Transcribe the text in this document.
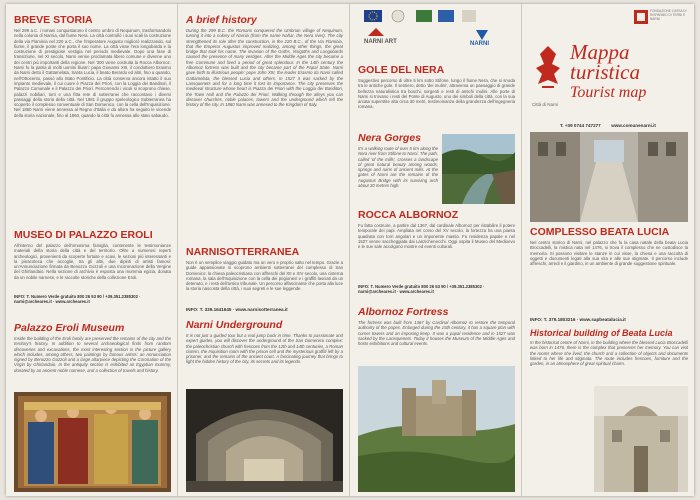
BREVE STORIA

Nel 299 a.C. i romani conquistarono il centro umbro di Nequinum, trasformandolo nella colonia di Narnia, dal fiume Nera. La città controllò i suoi scali la costruzione della via Flaminia nel 220 a.C., che l'imperatore Augusto migliorò realizzando, sul fiume, il grande ponte che porta il suo nome. La città visse l'era longobarda e la costruzione di prestigiose vestigia nel periodo medievale. Dopo una fase di transizione, nel XI secolo, Narni venne proclamata libero comune e divenne uno dei centri più importanti della regione. Nel '300 viene costruita la Rocca Albornoz. Narni fu la patria di molti uomini illustri: papa Giovanni XIII, il condottiero Erasmo da Narni detto il Gattamelata, Santa Lucia, il beato Berardo ed altri, fino a quando, nell'Ottocento, passò allo Stato Pontificio. La città conserva ancora intatto il suo impianto medievale, il cui cuore è Piazza dei Priori, con la Loggia dei Banditori, il Palazzo Comunale e il Palazzo dei Priori. Percorrendo i vicoli si scoprono chiese, palazzi nobiliari, torri e una fitta rete di sotterranei che raccontano i diversi passaggi della storia della città. Nel 1981 il gruppo speleologico Subterranea ha scoperto il complesso conventuale di San Domenico, con la cella dell'Inquisizione. Nel 1860 Narni viene annessa al Regno d'Italia e da allora ha seguito le vicende della storia nazionale, fino al 1860, quando la città fu annessa allo stato sabaudo.

MUSEO DI PALAZZO EROLI

All'interno del palazzo dell'omonima famiglia, contenente le testimonianze materiali della storia della città e del territorio. Oltre a numerosi reperti archeologici, provenienti da scoperte fortuite e scavi, le sezioni più interessanti e la pinacoteca che accoglie, tra gli altri, due dipinti di artisti famosi: un'Annunciazione firmata da Benozzo Gozzoli e una Incoronazione della Vergine del Ghirlandaio. Nella sezione di archivio è esposta una mummia egizia, donata da un nobile narnese, e le raccolte storiche della collezione Eroli.

INFO: T. Numero Verde gratuito 800 26 53 90 / +39.351.2385302 · narni@archeares.it · www.archeares.it

Palazzo Eroli Museum

Inside the building of the Eroli family are preserved the remains of the city and the territory's history. In addition to several archaeological finds from random discoveries and excavations, the most interesting section is the picture gallery which includes, among others, two paintings by famous artists: an Annunciation signed by Benozzo Gozzoli and a large altarpiece depicting the Coronation of the Virgin by Ghirlandaio. In the antiquity section is exhibited an Egyptian mummy, donated by an ancient noble narnese, and a collection of travels and history.

A brief history

During the 299 B.C. the Romans conquered the Umbrian village of Nequinum, turning it into a colony of Narnia (from the name Nahar, the Nera river). The city strengthened its role after the construction, in the 220 B.C., of the Via Flaminia, that the Emperor Augustus improved realizing, among other things, the great bridge that took his name. The invasion of the Goths, Visigoths and Longobards caused the presence of many vestiges. After the Middle Ages the city became a free Commune and lived a period of great splendour. In the 14th century the Albornoz fortress was built and the city became part of the Papal State. Narni gave birth to illustrious people: pope John XIII, the leader Erasmo da Narni called Gattamelata, the blessed Lucia and others. In 1527 it was sacked by the Lansquenets and for a long time it lost its importance. The city preserves the medieval structure whose heart is Piazza dei Priori with the Loggia dei Banditori, the Town Hall and the Palazzo dei Priori. Walking through the alleys you can discover churches, noble palaces, towers and the underground which tell the history of the city. In 1860 Narni was annexed to the Kingdom of Italy.

NARNISOTTERRANEA

Non è un semplice viaggio guidato ma un vero e proprio salto nel tempo. Grazie a guide appassionate si scoprono ambienti sotterranei del complesso di San Domenico: la chiesa paleocristiana con affreschi del XII e XIV secolo, una cisterna romana, la sala dell'Inquisizione con la cella dei prigionieri e i graffiti lasciati da un detenuto, e i resti dell'antico tribunale. Un percorso affascinante che porta alla luce la storia nascosta della città, i suoi segreti e le sue leggende.

INFO: T. 339.1641645 · www.narnisotterranea.it

Narni Underground

It is not just a guided tour but a real jump back in time. Thanks to passionate and expert guides, you will discover the underground of the San Domenico complex: the paleochristian church with frescoes from the 12th and 14th centuries, a Roman cistern, the Inquisition room with the prison cell and the mysterious graffiti left by a prisoner, and the remains of the ancient court. A fascinating journey that brings to light the hidden history of the city, its secrets and its legends.

NARNI ART	NARNI

GOLE DEL NERA

Suggestivo percorso di oltre 5 km sotto Stifone, lungo il fiume Nera, che si snoda tra le antiche gole. Il sentiero, detto 'dei mulini', attraversa un paesaggio di grande bellezza naturalistica tra boschi, sorgenti e resti di antichi mulini. Alle porte di Narni si trovano i resti del Ponte di Augusto, uno dei simboli della città, con la sua arcata superstite alta circa 30 metri, testimonianza della grandezza dell'ingegneria romana.

Nera Gorges

It's a walking route of over 5 km along the Nera river from Stifone to Narni. The path, called 'of the mills', crosses a landscape of great natural beauty among woods, springs and ruins of ancient mills. At the gates of Narni are the remains of the Augustus Bridge with its surviving arch about 30 metres high.

ROCCA ALBORNOZ

Fu fatta costruire, a partire dal 1367, dal cardinale Albornoz per ristabilire il potere temporale dei papi. Ampliata nel corso del XV secolo, la fortezza ha una pianta quadrata con torri angolari e un imponente mastio. Fu residenza papale e nel 1527 venne saccheggiata dai Lanzichenecchi. Oggi ospita il Museo del Medioevo e le sue sale accolgono mostre ed eventi culturali.

INFO: T. Numero Verde gratuito 800 26 53 90 / +39.351.2385302 · narni@archeares.it · www.archeares.it

Albornoz Fortress

The fortress was built from 1367 by Cardinal Albornoz to restore the temporal authority of the popes. Enlarged during the 15th century, it has a square plan with corner towers and an imposing keep. It was a papal residence and in 1527 was sacked by the Lansquenets. Today it houses the Museum of the Middle Ages and hosts exhibitions and cultural events.

FONDAZIONE CASSA DI RISPARMIO DI TERNI E NARNI

Mappa turistica

Tourist map

Città di Narni
T. +39 0744 747277 www.comunenarni.it

COMPLESSO BEATA LUCIA

Nel centro storico di Narni, nel palazzo che fu la casa natale della beata Lucia Broccadelli, la mistica nata nel 1476, si trova il complesso che ne custodisce la memoria. Si possono visitare le stanze in cui visse, la chiesa e una raccolta di oggetti e documenti legati alla sua vita e alle sue stigmate. Il percorso include affreschi, arredi e il giardino, in un ambiente di grande suggestione spirituale.

INFO: T. 379.1803216 · www.sapbeatalucia.it

Historical building of Beata Lucia

In the historical centre of Narni, in the building where the blessed Lucia Broccadelli was born in 1476, there is the complex that preserves her memory. You can visit the rooms where she lived, the church and a collection of objects and documents linked to her life and stigmata. The route includes frescoes, furniture and the garden, in an atmosphere of great spiritual charm.
